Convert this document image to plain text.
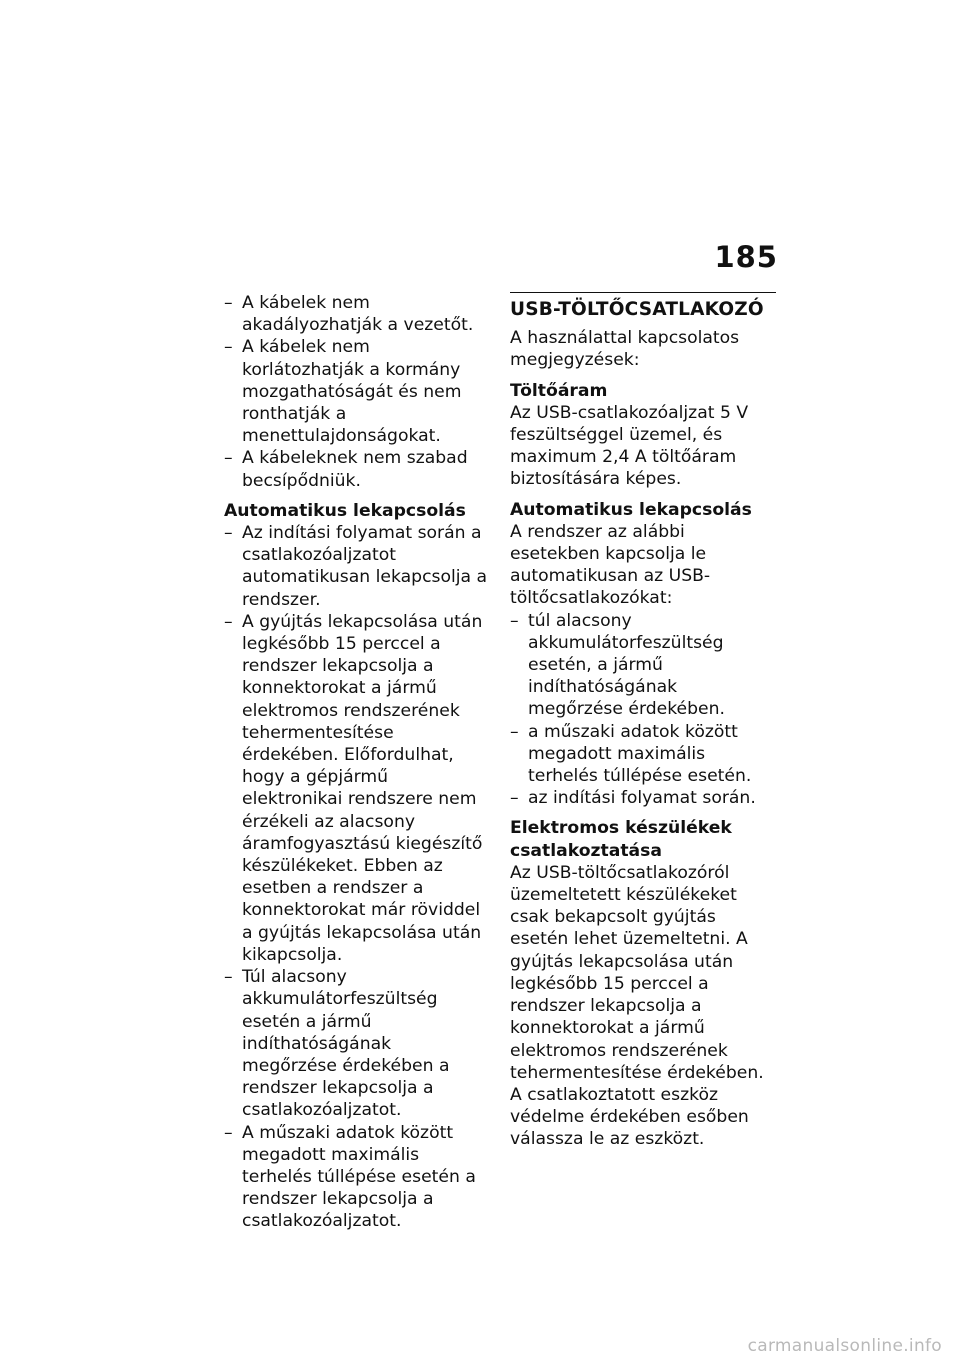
185
– A kábelek nem akadályozhatják a vezetőt.
– A kábelek nem korlátozhatják a kormány mozgathatóságát és nem ronthatják a menettulajdonságokat.
– A kábeleknek nem szabad becsípődniük.

Automatikus lekapcsolás

– Az indítási folyamat során a csatlakozóaljzatot automatikusan lekapcsolja a rendszer.
– A gyújtás lekapcsolása után legkésőbb 15 perccel a rendszer lekapcsolja a konnektorokat a jármű elektromos rendszerének tehermentesítése érdekében. Előfordulhat, hogy a gépjármű elektronikai rendszere nem érzékeli az alacsony áramfogyasztású kiegészítő készülékeket. Ebben az esetben a rendszer a konnektorokat már röviddel a gyújtás lekapcsolása után kikapcsolja.
– Túl alacsony akkumulátorfeszültség esetén a jármű indíthatóságának megőrzése érdekében a rendszer lekapcsolja a csatlakozóaljzatot.
– A műszaki adatok között megadott maximális terhelés túllépése esetén a rendszer lekapcsolja a csatlakozóaljzatot.

USB-TÖLTŐCSATLAKOZÓ

A használattal kapcsolatos megjegyzések:

Töltőáram

Az USB-csatlakozóaljzat 5 V feszültséggel üzemel, és maximum 2,4 A töltőáram biztosítására képes.

Automatikus lekapcsolás

A rendszer az alábbi esetekben kapcsolja le automatikusan az USB-töltőcsatlakozókat:

– túl alacsony akkumulátorfeszültség esetén, a jármű indíthatóságának megőrzése érdekében.
– a műszaki adatok között megadott maximális terhelés túllépése esetén.
– az indítási folyamat során.

Elektromos készülékek csatlakoztatása

Az USB-töltőcsatlakozóról üzemeltetett készülékeket csak bekapcsolt gyújtás esetén lehet üzemeltetni. A gyújtás lekapcsolása után legkésőbb 15 perccel a rendszer lekapcsolja a konnektorokat a jármű elektromos rendszerének tehermentesítése érdekében.

A csatlakoztatott eszköz védelme érdekében esőben válassza le az eszközt.

carmanualsonline.info
